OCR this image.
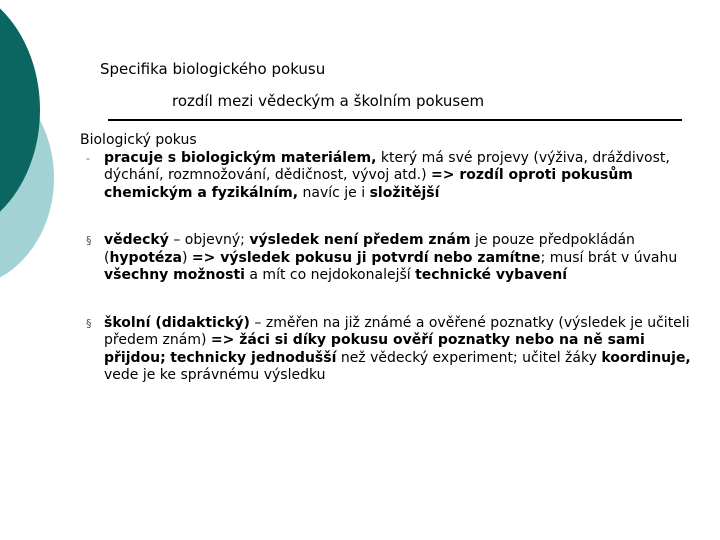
Specifika biologického pokusu
rozdíl mezi vědeckým a školním pokusem

Biologický pokus

- pracuje s biologickým materiálem, který má své projevy (výživa, dráždivost, dýchání, rozmnožování, dědičnost, vývoj atd.) => rozdíl oproti pokusům chemickým a fyzikálním, navíc je i složitější

§ vědecký – objevný; výsledek není předem znám je pouze předpokládán (hypotéza) => výsledek pokusu ji potvrdí nebo zamítne; musí brát v úvahu všechny možnosti a mít co nejdokonalejší technické vybavení

§ školní (didaktický) – změřen na již známé a ověřené poznatky (výsledek je učiteli předem znám) => žáci si díky pokusu ověří poznatky nebo na ně sami přijdou; technicky jednodušší než vědecký experiment; učitel žáky koordinuje, vede je ke správnému výsledku
